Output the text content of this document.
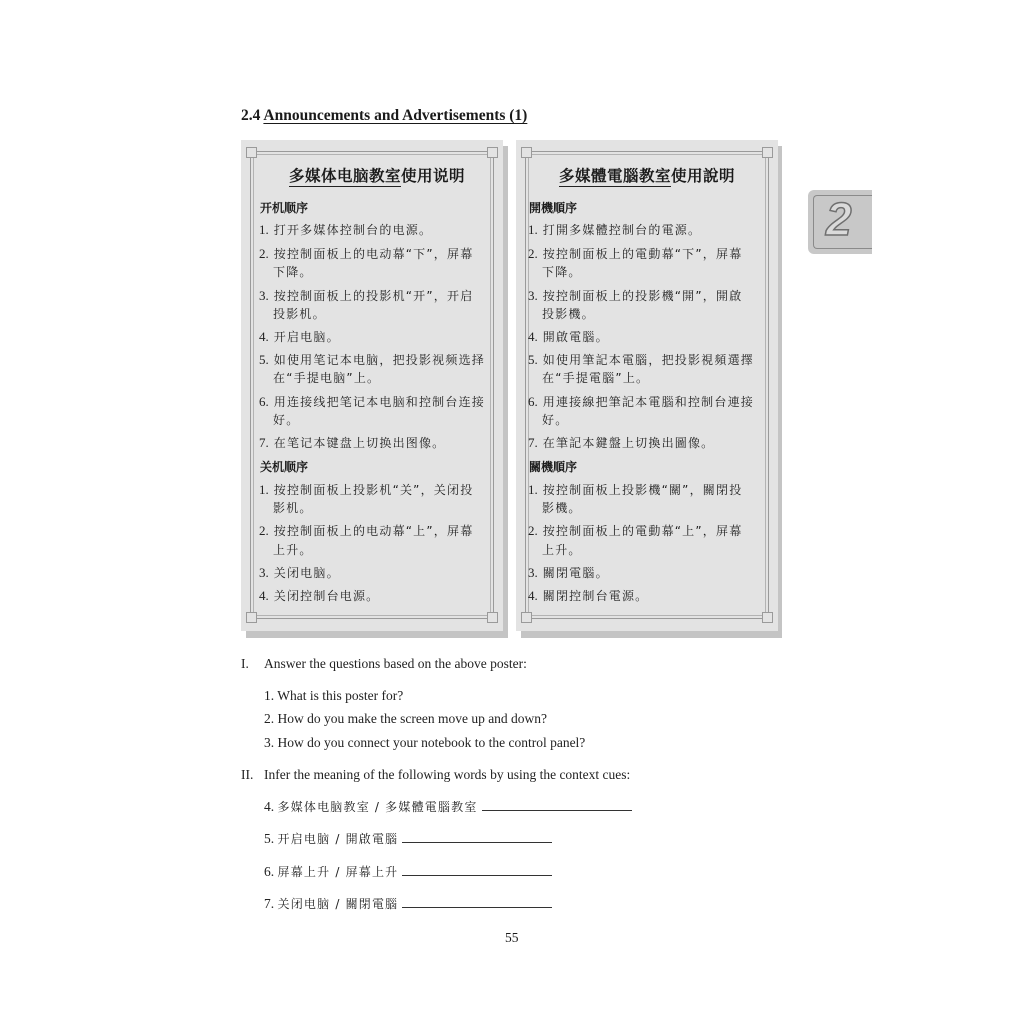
2.4 Announcements and Advertisements (1)
多媒体电脑教室使用说明
开机顺序
1. 打开多媒体控制台的电源。
2. 按控制面板上的电动幕“下”，屏幕
下降。
3. 按控制面板上的投影机“开”，开启
投影机。
4. 开启电脑。
5. 如使用笔记本电脑，把投影视频选择
在“手提电脑”上。
6. 用连接线把笔记本电脑和控制台连接
好。
7. 在笔记本键盘上切换出图像。
关机顺序
1. 按控制面板上投影机“关”，关闭投
影机。
2. 按控制面板上的电动幕“上”，屏幕
上升。
3. 关闭电脑。
4. 关闭控制台电源。
多媒體電腦教室使用說明
開機順序
1. 打開多媒體控制台的電源。
2. 按控制面板上的電動幕“下”，屏幕
下降。
3. 按控制面板上的投影機“開”，開啟
投影機。
4. 開啟電腦。
5. 如使用筆記本電腦，把投影視頻選擇
在“手提電腦”上。
6. 用連接線把筆記本電腦和控制台連接
好。
7. 在筆記本鍵盤上切換出圖像。
關機順序
1. 按控制面板上投影機“關”，關閉投
影機。
2. 按控制面板上的電動幕“上”，屏幕
上升。
3. 關閉電腦。
4. 關閉控制台電源。
2
I. Answer the questions based on the above poster:
1. What is this poster for?
2. How do you make the screen move up and down?
3. How do you connect your notebook to the control panel?
II. Infer the meaning of the following words by using the context cues:
4. 多媒体电脑教室 / 多媒體電腦教室
5. 开启电脑 / 開啟電腦
6. 屏幕上升 / 屏幕上升
7. 关闭电脑 / 關閉電腦
55
